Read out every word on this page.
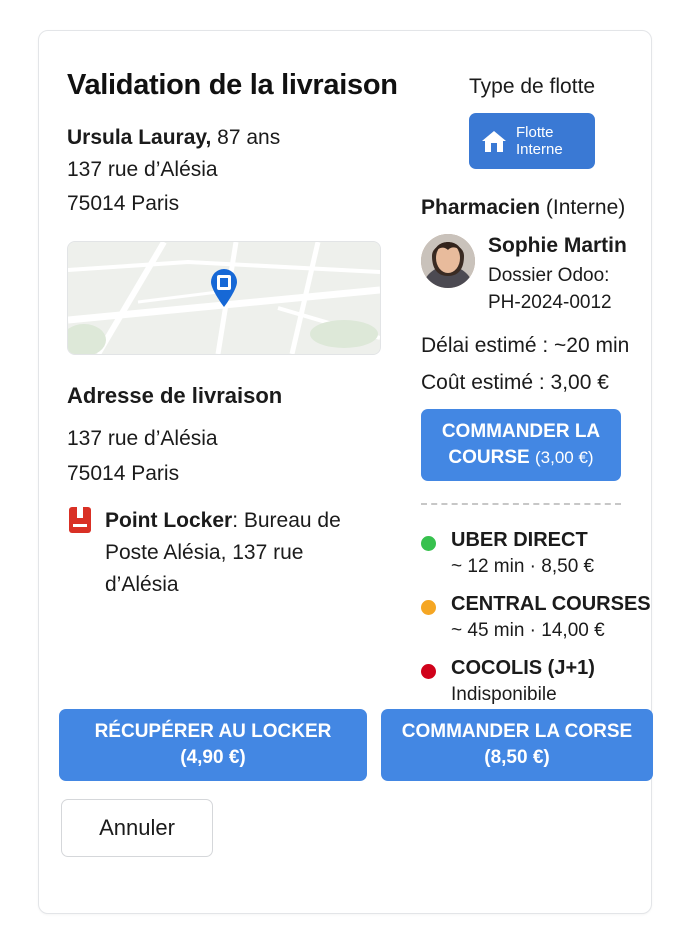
Validation de la livraison	Type de flotte
Flotte
Interne
Ursula Lauray, 87 ans
137 rue d’Alésia
75014 Paris
Adresse de livraison
137 rue d’Alésia
75014 Paris
Point Locker: Bureau de Poste Alésia, 137 rue d’Alésia
Pharmacien (Interne)
Sophie Martin
Dossier Odoo:
PH-2024-0012
Délai estimé : ~20 min
Coût estimé : 3,00 €
COMMANDER LA
COURSE (3,00 €)
UBER DIRECT
~ 12 min · 8,50 €
CENTRAL COURSES
~ 45 min · 14,00 €
COCOLIS (J+1)
Indisponibile
RÉCUPÉRER AU LOCKER
(4,90 €)
COMMANDER LA CORSE
(8,50 €)
Annuler
